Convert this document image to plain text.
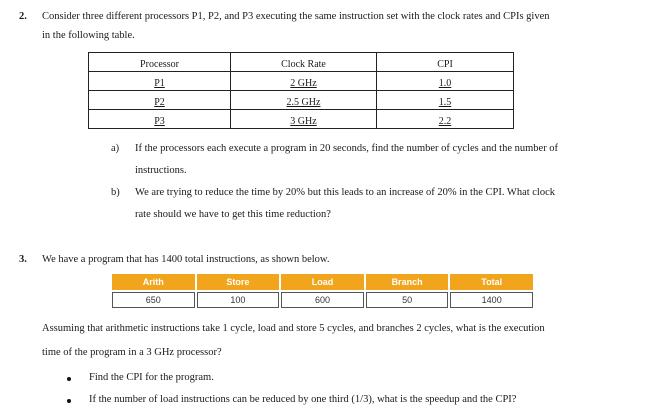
2. Consider three different processors P1, P2, and P3 executing the same instruction set with the clock rates and CPIs given
in the following table.
Processor	Clock Rate	CPI
P1	2 GHz	1.0
P2	2.5 GHz	1.5
P3	3 GHz	2.2
a) If the processors each execute a program in 20 seconds, find the number of cycles and the number of
instructions.
b) We are trying to reduce the time by 20% but this leads to an increase of 20% in the CPI. What clock
rate should we have to get this time reduction?
3. We have a program that has 1400 total instructions, as shown below.
Arith	Store	Load	Branch	Total
650	100	600	50	1400
Assuming that arithmetic instructions take 1 cycle, load and store 5 cycles, and branches 2 cycles, what is the execution
time of the program in a 3 GHz processor?
Find the CPI for the program.
If the number of load instructions can be reduced by one third (1/3), what is the speedup and the CPI?
